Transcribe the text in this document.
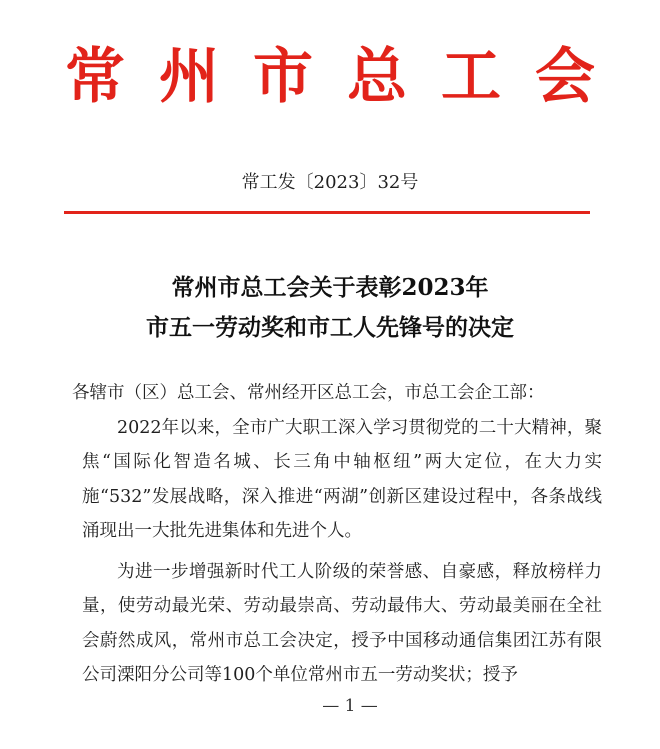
常州市总工会
常工发〔2023〕32号
常州市总工会关于表彰2023年
市五一劳动奖和市工人先锋号的决定

各辖市（区）总工会、常州经开区总工会，市总工会企工部：

2022年以来，全市广大职工深入学习贯彻党的二十大精神，聚焦“国际化智造名城、长三角中轴枢纽”两大定位，在大力实施“532”发展战略，深入推进“两湖”创新区建设过程中，各条战线涌现出一大批先进集体和先进个人。

为进一步增强新时代工人阶级的荣誉感、自豪感，释放榜样力量，使劳动最光荣、劳动最崇高、劳动最伟大、劳动最美丽在全社会蔚然成风，常州市总工会决定，授予中国移动通信集团江苏有限公司溧阳分公司等100个单位常州市五一劳动奖状；授予

— 1 —
